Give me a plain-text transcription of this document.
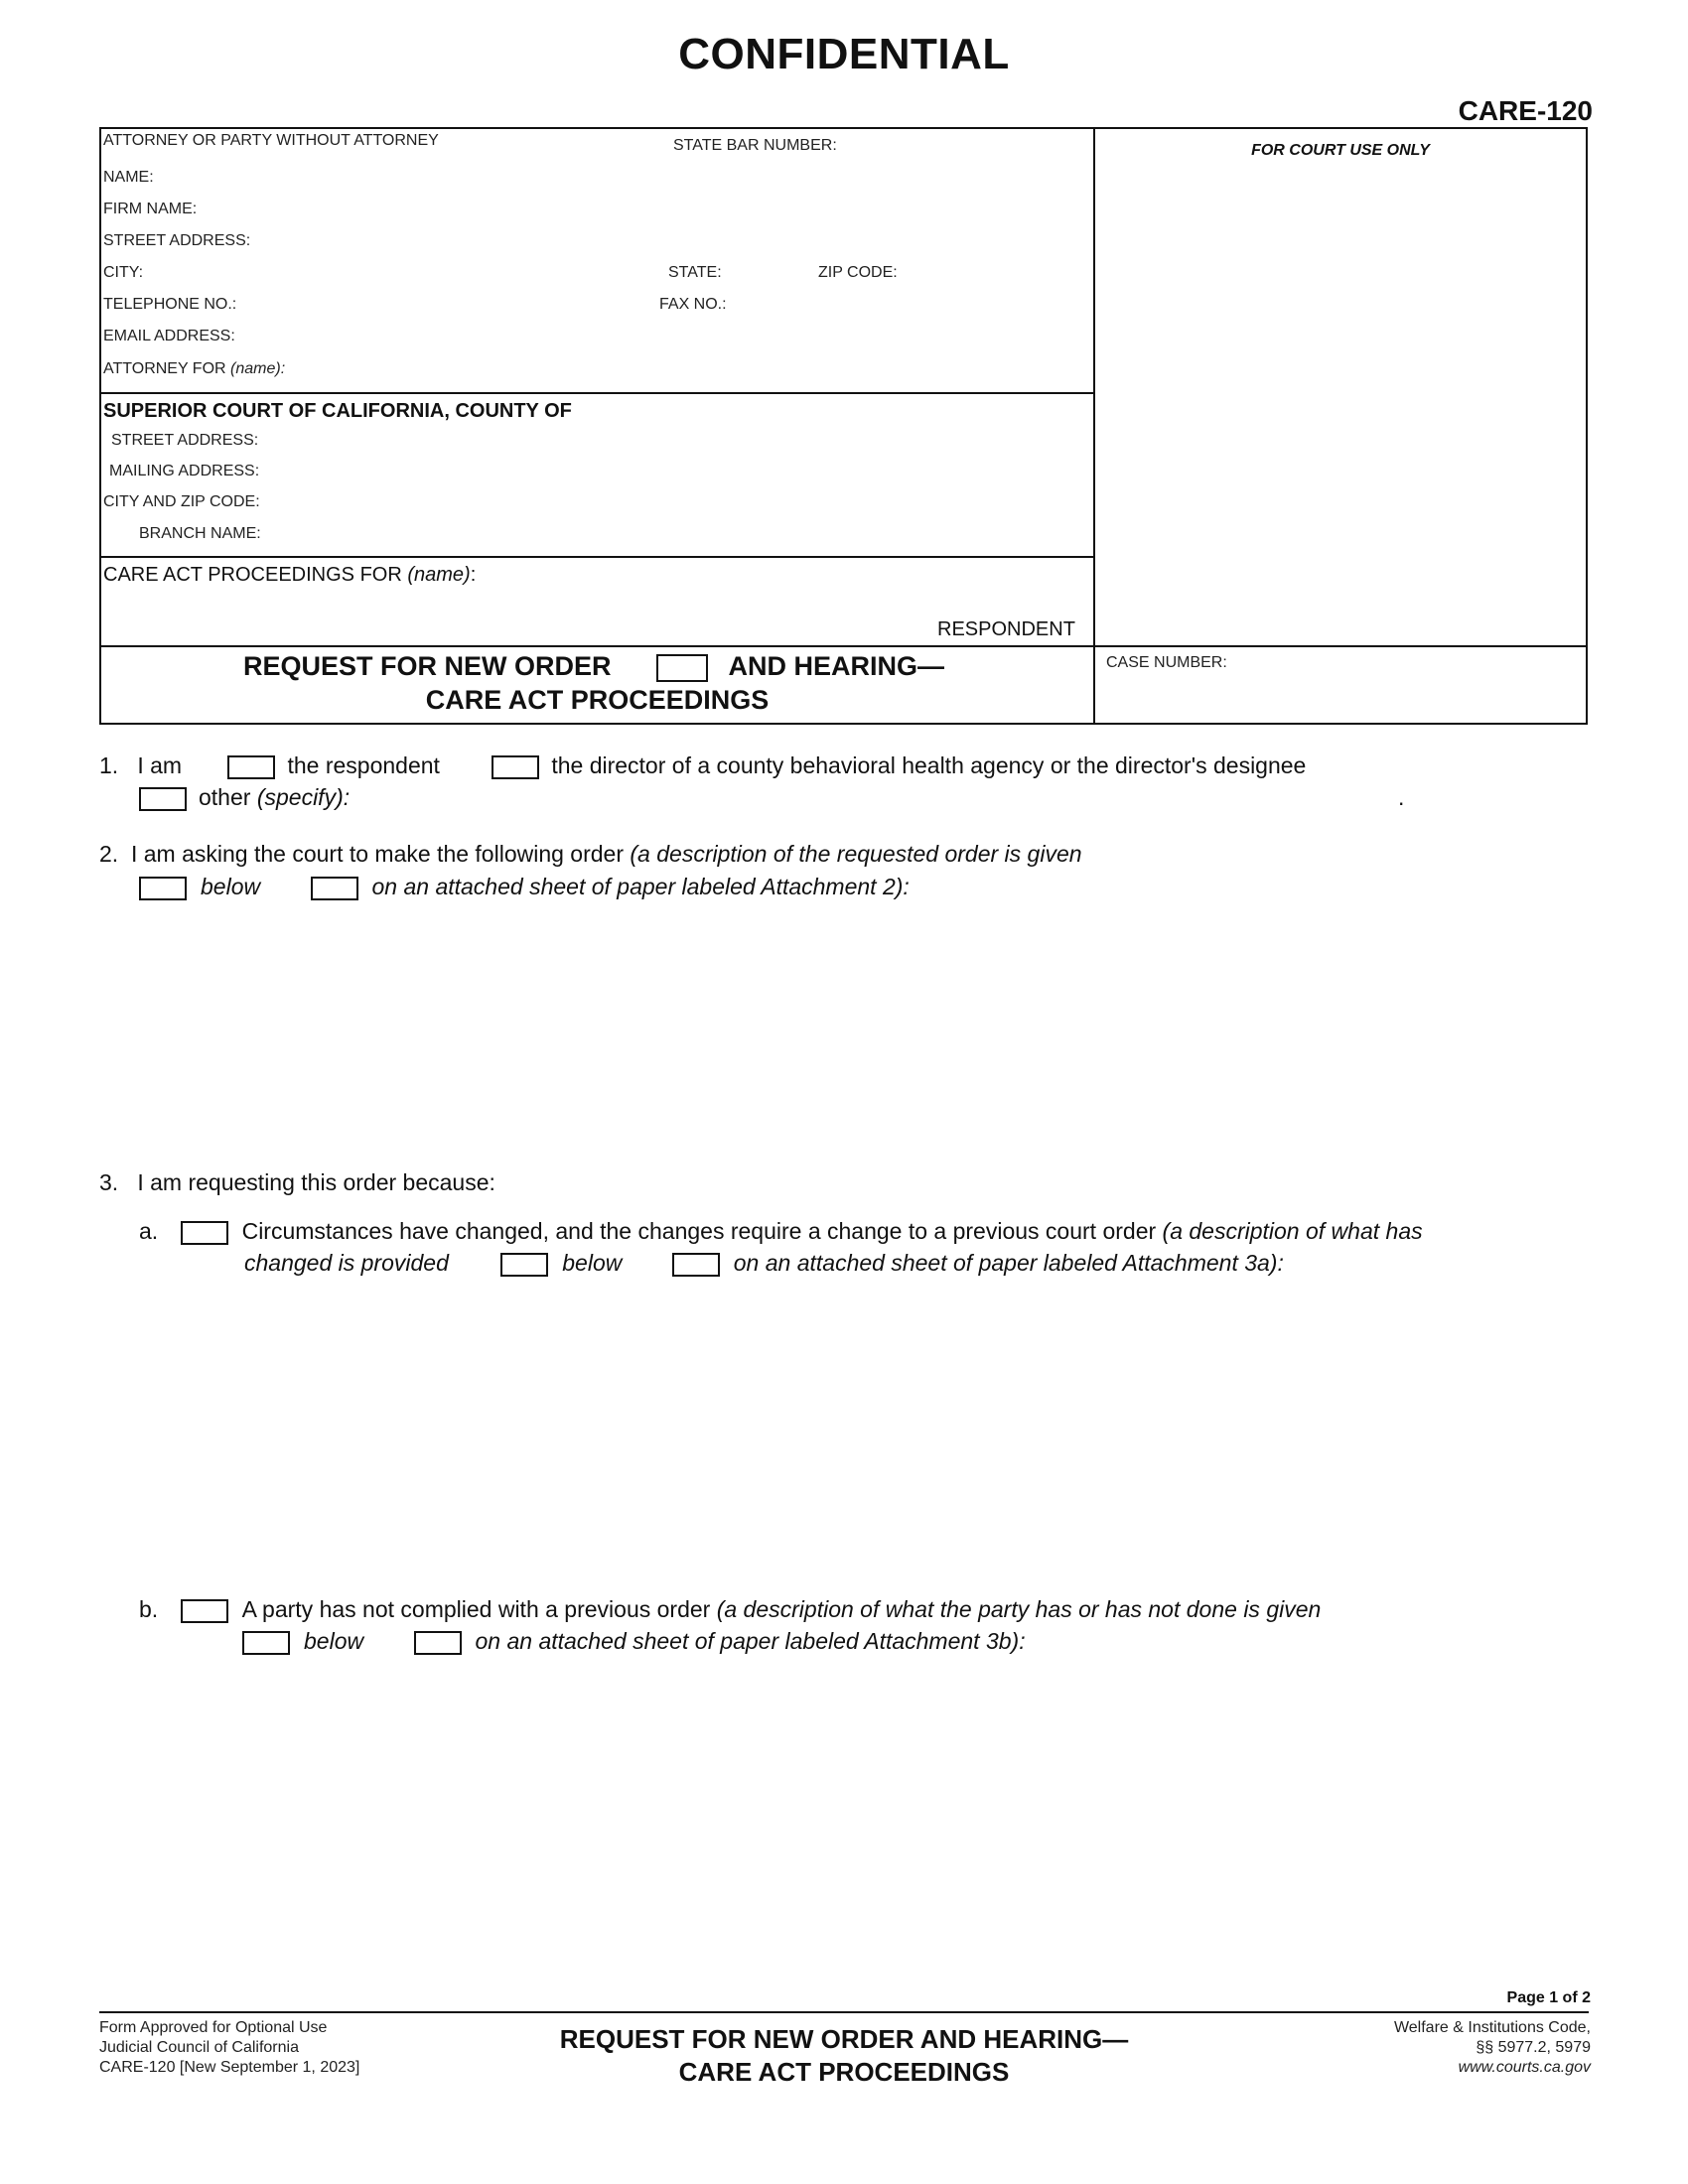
CONFIDENTIAL
CARE-120
ATTORNEY OR PARTY WITHOUT ATTORNEY	STATE BAR NUMBER:
NAME:
FIRM NAME:
STREET ADDRESS:
CITY:	STATE:	ZIP CODE:
TELEPHONE NO.:	FAX NO.:
EMAIL ADDRESS:
ATTORNEY FOR (name):
FOR COURT USE ONLY
SUPERIOR COURT OF CALIFORNIA, COUNTY OF
STREET ADDRESS:
MAILING ADDRESS:
CITY AND ZIP CODE:
BRANCH NAME:
CARE ACT PROCEEDINGS FOR (name):
RESPONDENT
REQUEST FOR NEW ORDER	AND HEARING—
CARE ACT PROCEEDINGS
CASE NUMBER:
1. I am	the respondent	the director of a county behavioral health agency or the director's designee
other (specify):	.
2. I am asking the court to make the following order (a description of the requested order is given
below	on an attached sheet of paper labeled Attachment 2):
3. I am requesting this order because:
a.	Circumstances have changed, and the changes require a change to a previous court order (a description of what has
changed is provided	below	on an attached sheet of paper labeled Attachment 3a):
b.	A party has not complied with a previous order (a description of what the party has or has not done is given
below	on an attached sheet of paper labeled Attachment 3b):
Page 1 of 2
Form Approved for Optional Use
Judicial Council of California
CARE-120 [New September 1, 2023]
REQUEST FOR NEW ORDER AND HEARING—
CARE ACT PROCEEDINGS
Welfare & Institutions Code,
§§ 5977.2, 5979
www.courts.ca.gov
